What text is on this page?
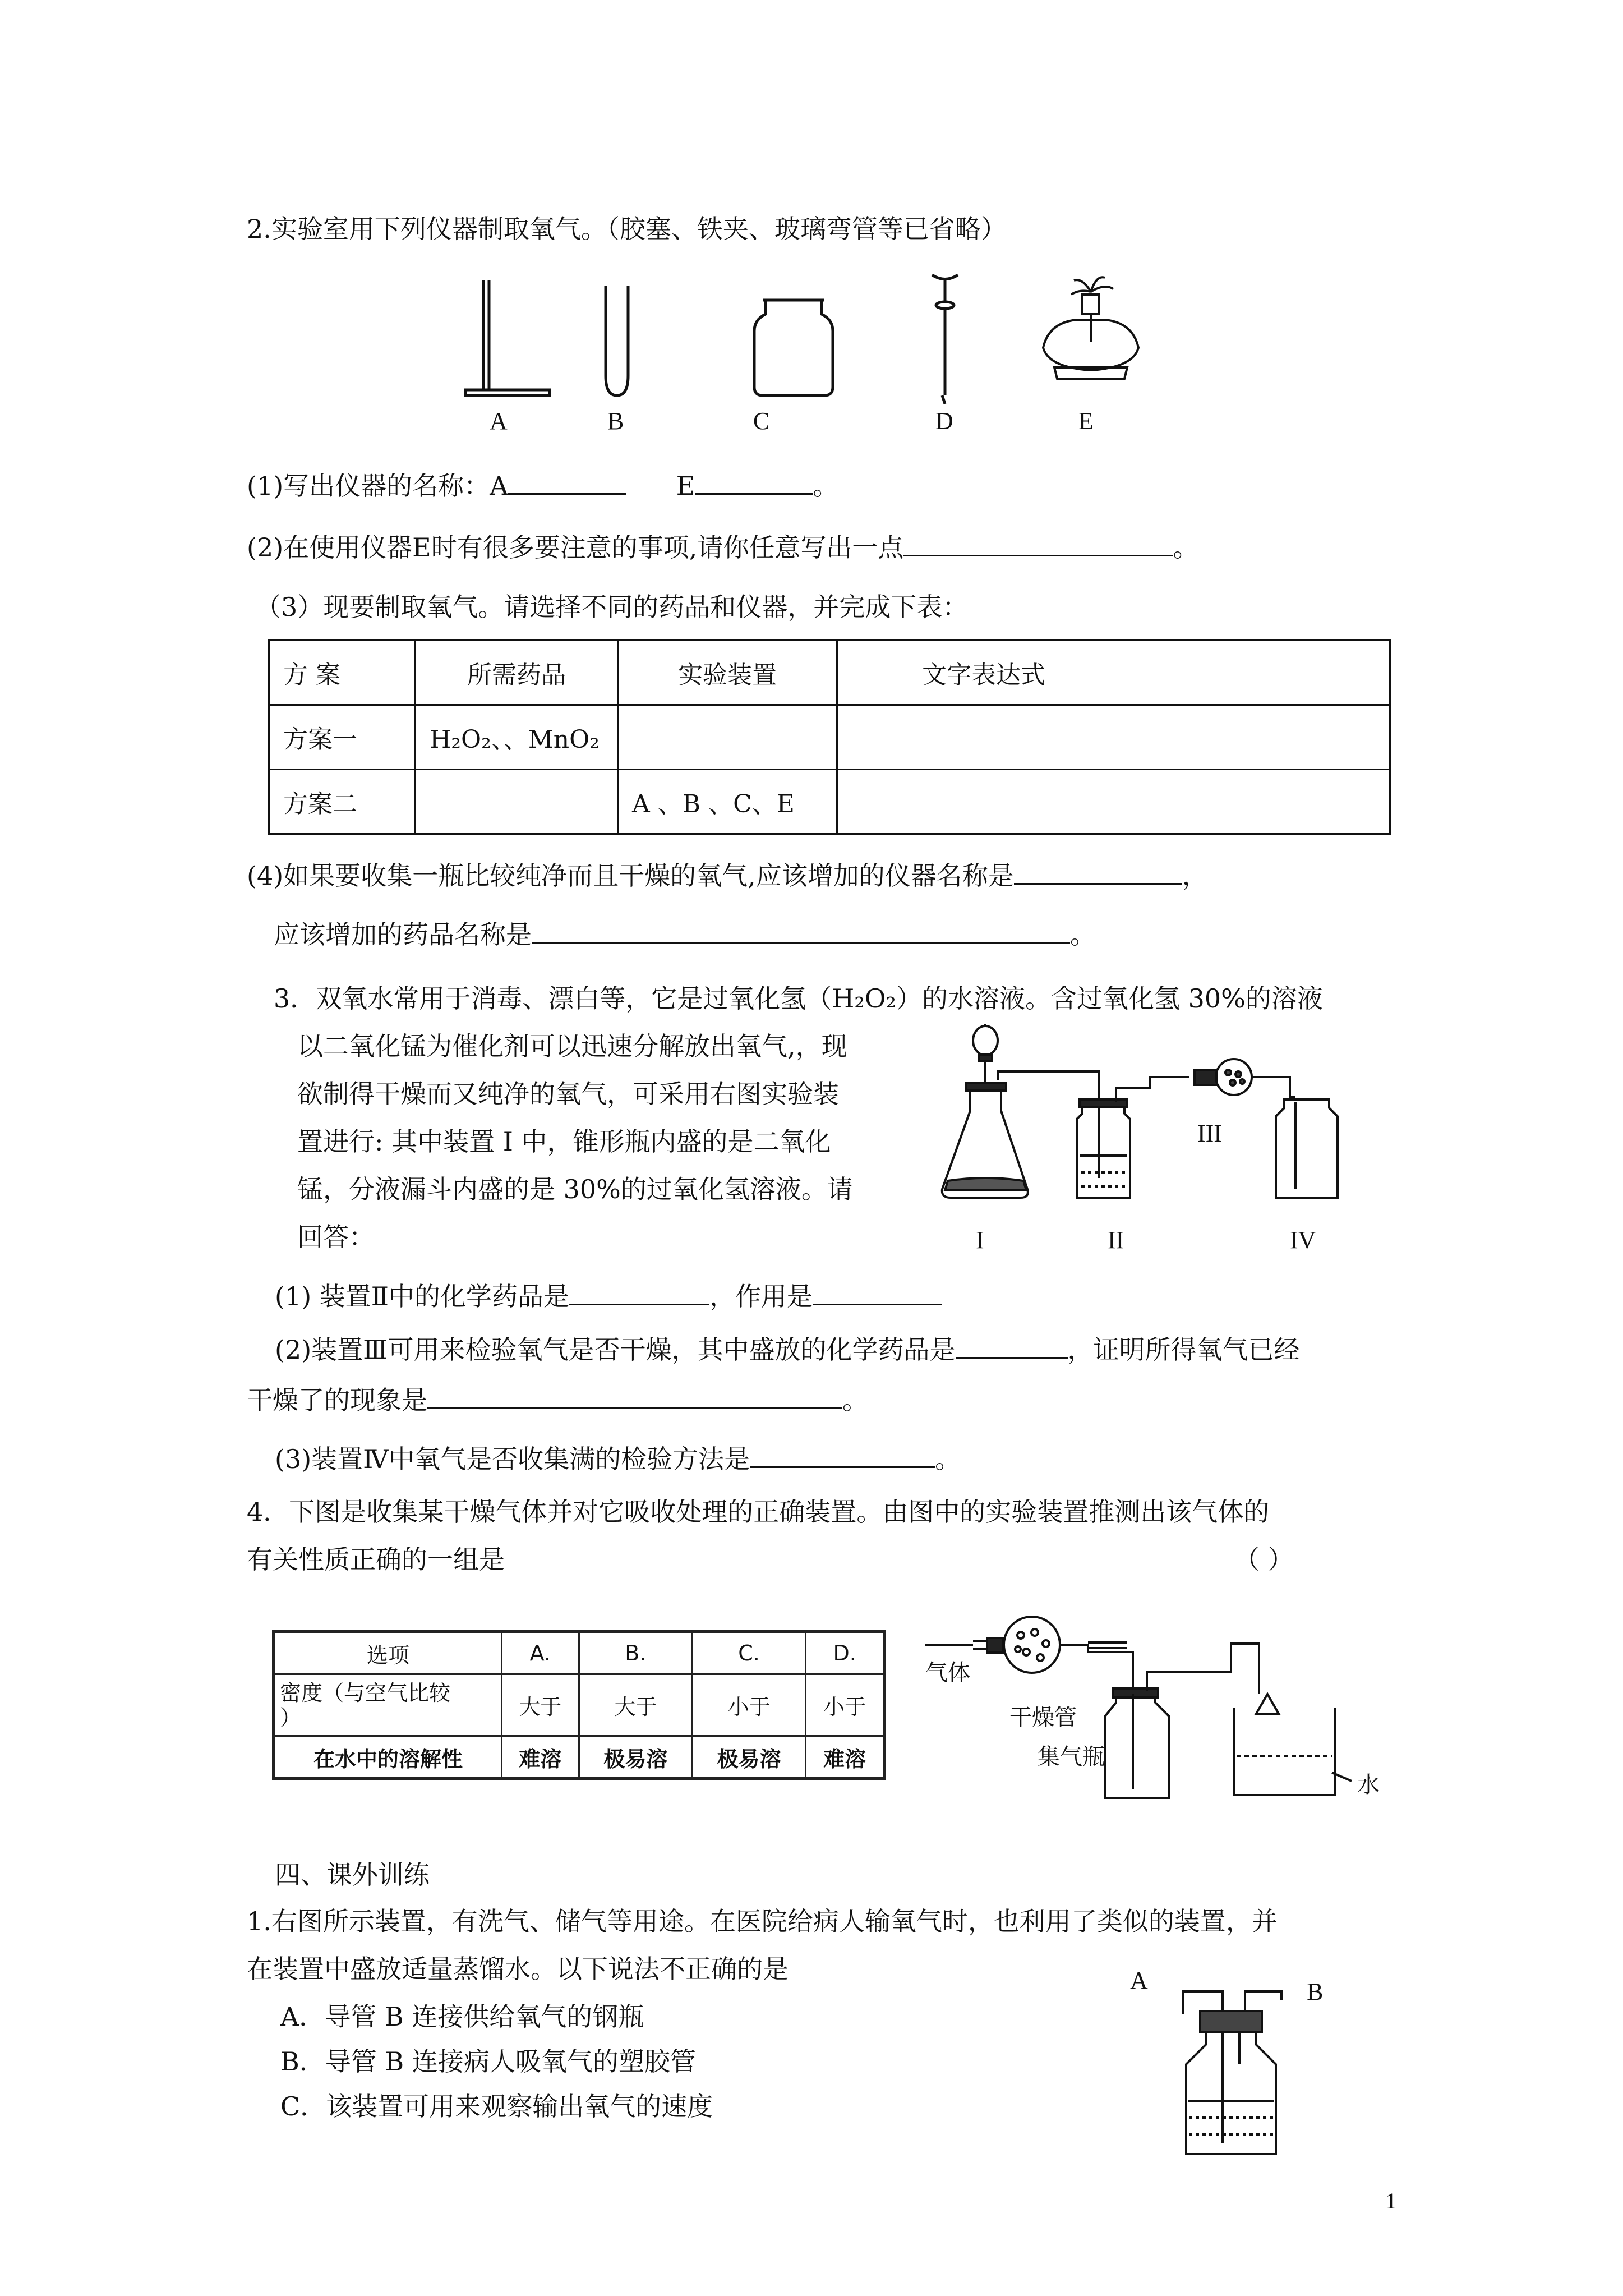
2.实验室用下列仪器制取氧气。（胶塞、铁夹、玻璃弯管等已省略）
A	B	C	D	E
(1)写出仪器的名称：A	E	。
(2)在使用仪器E时有很多要注意的事项,请你任意写出一点	。
（3）现要制取氧气。请选择不同的药品和仪器，并完成下表：
方 案	所需药品	实验装置	文字表达式
方案一	H₂O₂、、MnO₂		
方案二		A 、B 、C、E	
(4)如果要收集一瓶比较纯净而且干燥的氧气,应该增加的仪器名称是	，
应该增加的药品名称是	。
3．双氧水常用于消毒、漂白等，它是过氧化氢（H₂O₂）的水溶液。含过氧化氢 30%的溶液
以二氧化锰为催化剂可以迅速分解放出氧气,，现
欲制得干燥而又纯净的氧气，可采用右图实验装
置进行: 其中装置 I 中，锥形瓶内盛的是二氧化
锰，分液漏斗内盛的是 30%的过氧化氢溶液。请
回答：	I	II
III
IV
(1) 装置Ⅱ中的化学药品是	，作用是
(2)装置Ⅲ可用来检验氧气是否干燥，其中盛放的化学药品是	，证明所得氧气已经
干燥了的现象是	。
(3)装置Ⅳ中氧气是否收集满的检验方法是	。
4．下图是收集某干燥气体并对它吸收处理的正确装置。由图中的实验装置推测出该气体的
有关性质正确的一组是	（ ）
选项	A.	B.	C.	D.
密度（与空气比较
）	大于	大于	小于	小于
在水中的溶解性	难溶	极易溶	极易溶	难溶
气体
干燥管
集气瓶
水
四、课外训练
1.右图所示装置，有洗气、储气等用途。在医院给病人输氧气时，也利用了类似的装置，并
在装置中盛放适量蒸馏水。以下说法不正确的是
A．导管 B 连接供给氧气的钢瓶
B．导管 B 连接病人吸氧气的塑胶管
C．该装置可用来观察输出氧气的速度
A	B
1
